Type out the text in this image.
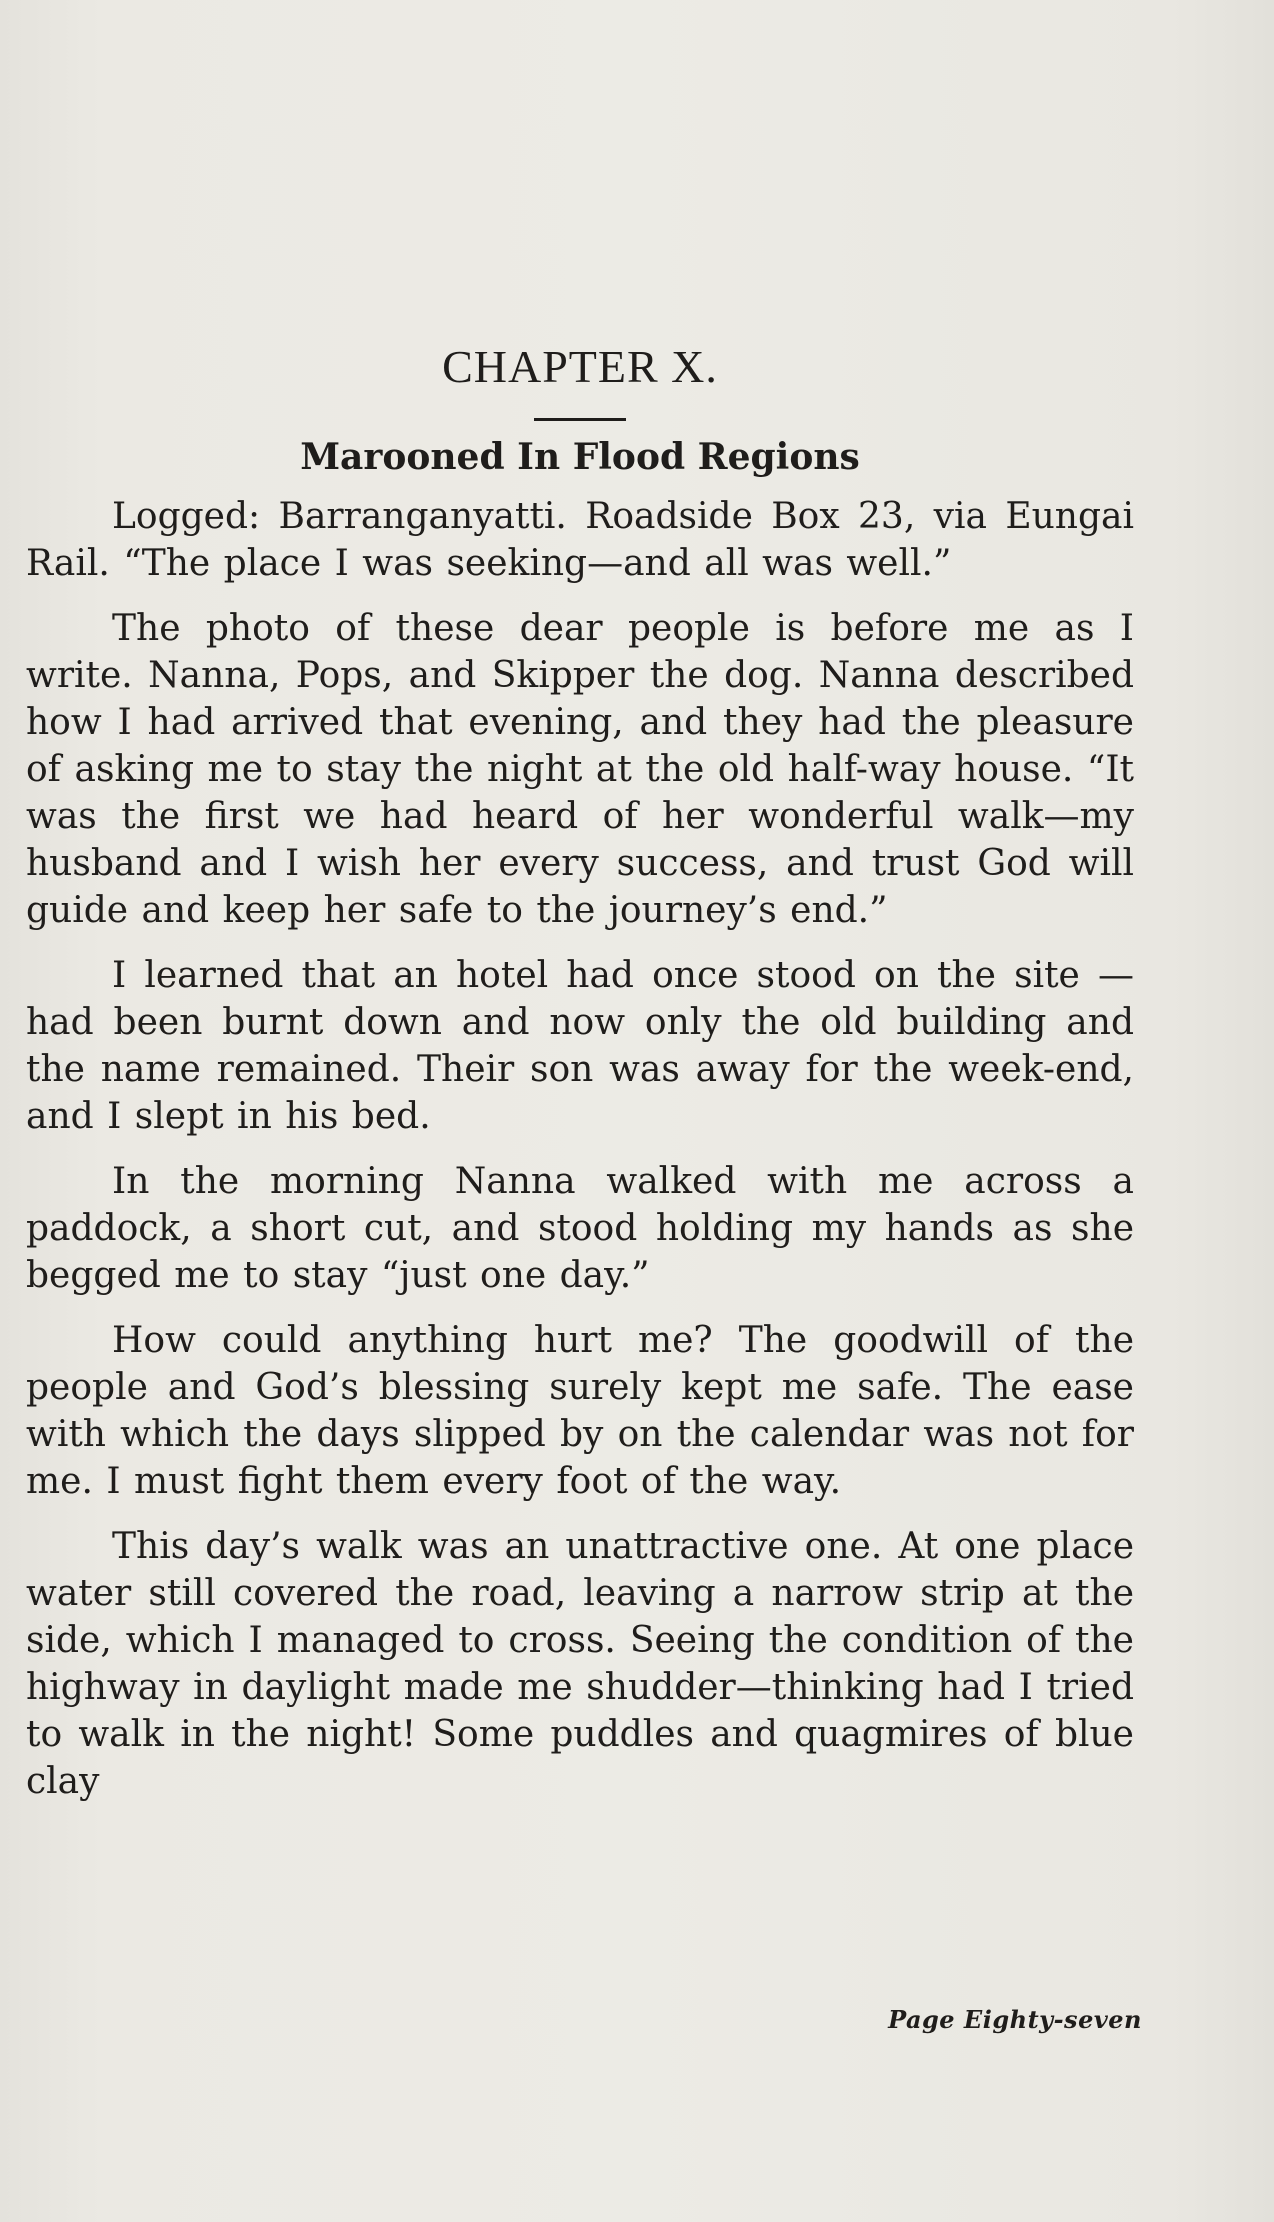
CHAPTER X.
Marooned In Flood Regions

Logged: Barranganyatti. Roadside Box 23, via Eungai Rail. “The place I was seeking—and all was well.”

The photo of these dear people is before me as I write. Nanna, Pops, and Skipper the dog. Nanna described how I had arrived that evening, and they had the pleasure of asking me to stay the night at the old half-way house. “It was the first we had heard of her wonderful walk—my husband and I wish her every success, and trust God will guide and keep her safe to the journey’s end.”

I learned that an hotel had once stood on the site —had been burnt down and now only the old building and the name remained. Their son was away for the week-end, and I slept in his bed.

In the morning Nanna walked with me across a paddock, a short cut, and stood holding my hands as she begged me to stay “just one day.”

How could anything hurt me? The goodwill of the people and God’s blessing surely kept me safe. The ease with which the days slipped by on the calendar was not for me. I must fight them every foot of the way.

This day’s walk was an unattractive one. At one place water still covered the road, leaving a narrow strip at the side, which I managed to cross. Seeing the condition of the highway in daylight made me shudder—thinking had I tried to walk in the night! Some puddles and quagmires of blue clay

Page Eighty-seven
